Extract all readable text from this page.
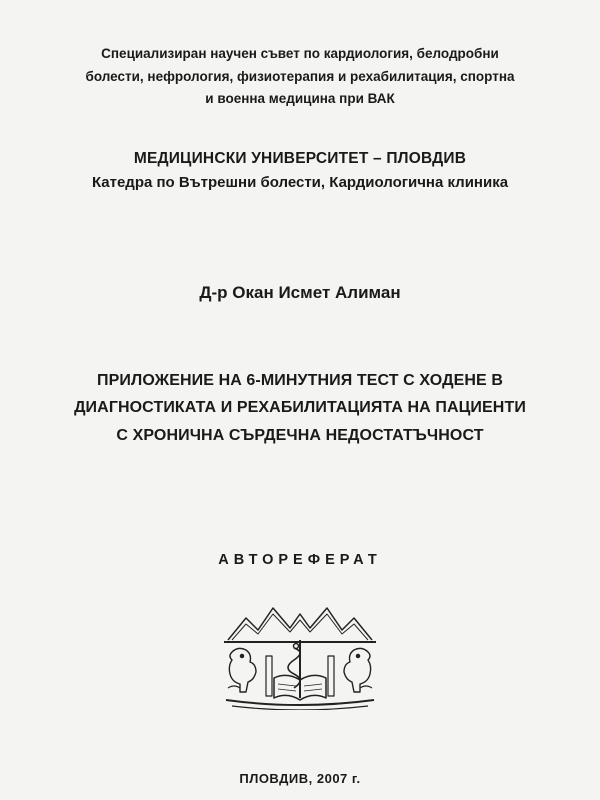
Специализиран научен съвет по кардиология, белодробни
болести, нефрология, физиотерапия и рехабилитация, спортна
и военна медицина при ВАК
МЕДИЦИНСКИ УНИВЕРСИТЕТ – ПЛОВДИВ
Катедра по Вътрешни болести, Кардиологична клиника
Д-р Окан Исмет Алиман
ПРИЛОЖЕНИЕ НА 6-МИНУТНИЯ ТЕСТ С ХОДЕНЕ В
ДИАГНОСТИКАТА И РЕХАБИЛИТАЦИЯТА НА ПАЦИЕНТИ
С ХРОНИЧНА СЪРДЕЧНА НЕДОСТАТЪЧНОСТ
АВТОРЕФЕРАТ
ПЛОВДИВ, 2007 г.
